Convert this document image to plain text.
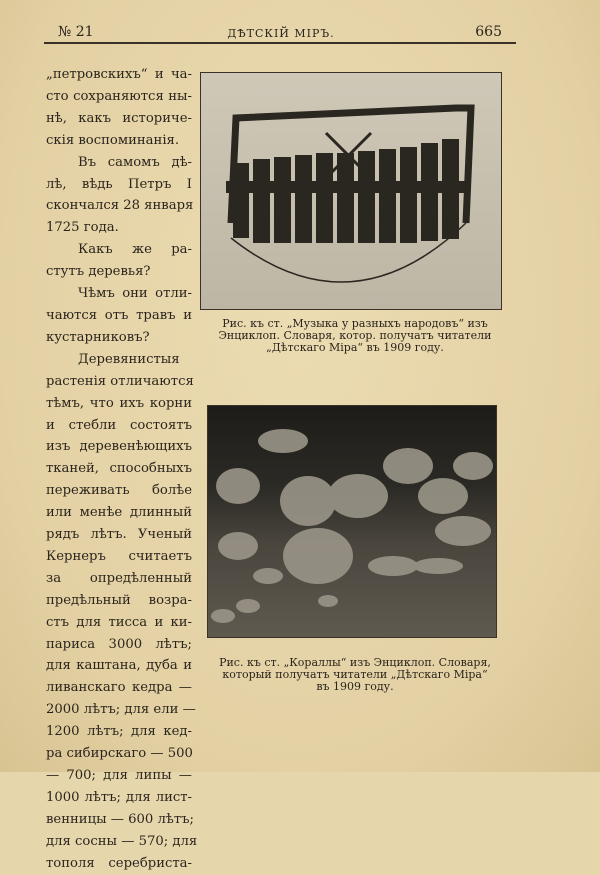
№ 21	ДѢТСКІЙ МІРЪ.	665
„петровскихъ“ и ча-
сто сохраняются ны-
нѣ, какъ историче-
скія воспоминанія.
Въ самомъ дѣ-
лѣ, вѣдь Петръ I
скончался 28 января
1725 года.
Какъ же ра-
стутъ деревья?
Чѣмъ они отли-
чаются отъ травъ и
кустарниковъ?
Деревянистыя
растенія отличаются
тѣмъ, что ихъ корни
и стебли состоятъ
изъ деревенѣющихъ
тканей, способныхъ
переживать болѣе
или менѣе длинный
рядъ лѣтъ. Ученый
Кернеръ считаетъ
за опредѣленный
предѣльный возра-
стъ для тисса и ки-
париса 3000 лѣтъ;
для каштана, дуба и
ливанскаго кедра —
2000 лѣтъ; для ели —
1200 лѣтъ; для кед-
ра сибирскаго — 500
— 700; для липы —
1000 лѣтъ; для лист-
венницы — 600 лѣтъ;
для сосны — 570; для
тополя серебриста-
Рис. къ ст. „Музыка у разныхъ народовъ“ изъ
Энциклоп. Словаря, котор. получатъ читатели
„Дѣтскаго Міра“ въ 1909 году.
Рис. къ ст. „Кораллы“ изъ Энциклоп. Словаря,
который получатъ читатели „Дѣтскаго Міра“
въ 1909 году.
